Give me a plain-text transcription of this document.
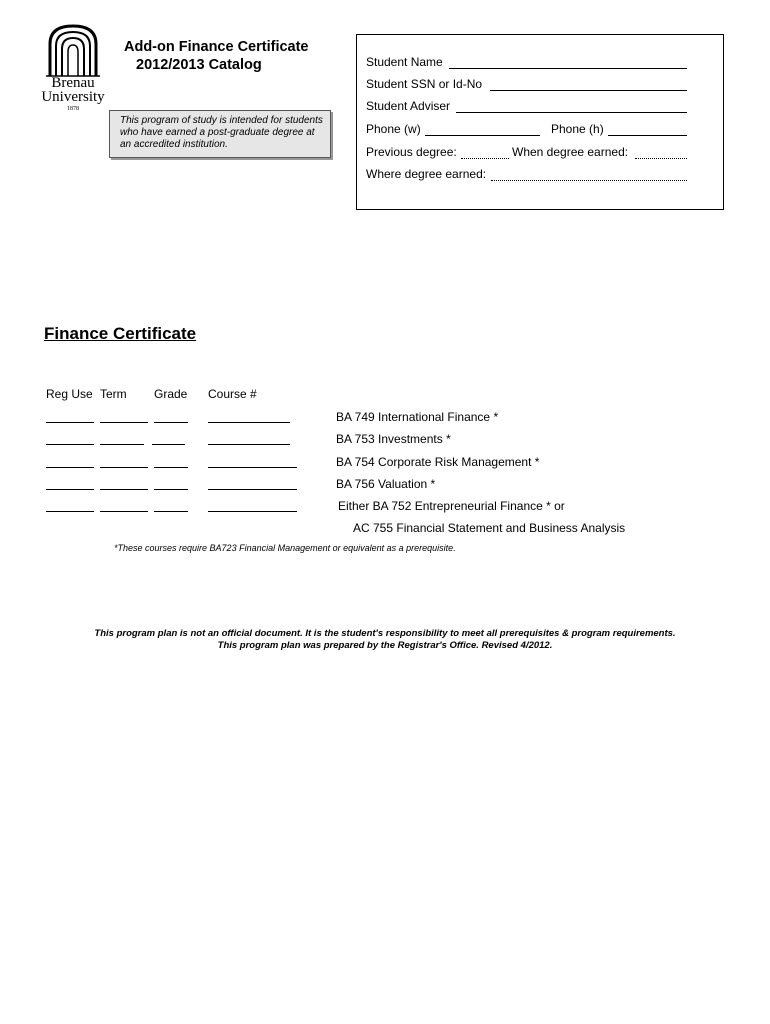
Brenau
University
1878
Add-on Finance Certificate
2012/2013 Catalog
This program of study is intended for students who have earned a post-graduate degree at an accredited institution.
Student Name
Student SSN or Id-No
Student Adviser
Phone (w)	Phone (h)
Previous degree:	When degree earned:
Where degree earned:
Finance Certificate
Reg Use Term Grade Course #
BA 749 International Finance *
BA 753 Investments *
BA 754 Corporate Risk Management *
BA 756 Valuation *
Either BA 752 Entrepreneurial Finance * or
AC 755 Financial Statement and Business Analysis
*These courses require BA723 Financial Management or equivalent as a prerequisite.
This program plan is not an official document. It is the student's responsibility to meet all prerequisites & program requirements.
This program plan was prepared by the Registrar's Office. Revised 4/2012.
